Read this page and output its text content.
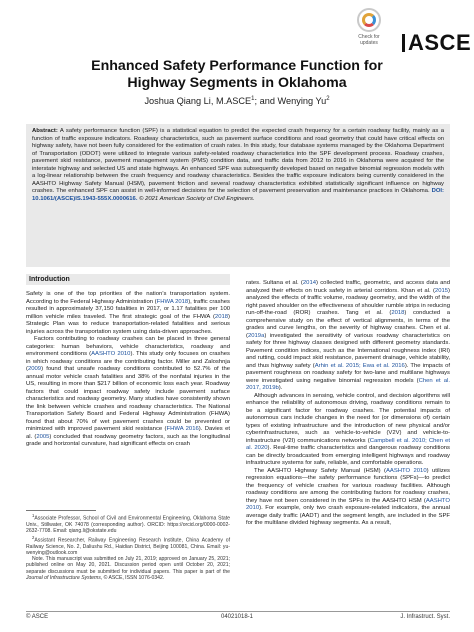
Check for
updates	ASCE
Enhanced Safety Performance Function for
Highway Segments in Oklahoma
Joshua Qiang Li, M.ASCE$^1$; and Wenying Yu$^2$
Abstract: A safety performance function (SPF) is a statistical equation to predict the expected crash frequency for a certain roadway facility, mainly as a function of traffic exposure indicators. Roadway characteristics, such as pavement surface conditions and road geometry that could have critical effects on highway safety, have not been fully considered for the estimation of crash rates. In this study, four database systems managed by the Oklahoma Department of Transportation (ODOT) were utilized to integrate various safety-related roadway characteristics into the SPF development process. Roadway crashes, pavement skid resistance, pavement management system (PMS) condition data, and traffic data from 2012 to 2016 in Oklahoma were acquired for the interstate highway and selected US and state highways. An enhanced SPF was subsequently developed based on negative binomial regression models with a log-linear relationship between the crash frequency and roadway characteristics. Besides the traffic exposure indicators being currently considered in the AASHTO Highway Safety Manual (HSM), pavement friction and several roadway characteristics exhibited statistically significant influence on highway crashes. The enhanced SPF can assist in well-informed decisions for the selection of pavement preservation and maintenance practices in Oklahoma. DOI: 10.1061/(ASCE)IS.1943-555X.0000616. © 2021 American Society of Civil Engineers.
Introduction

Safety is one of the top priorities of the nation’s transportation system. According to the Federal Highway Administration (FHWA 2018), traffic crashes resulted in approximately 37,150 fatalities in 2017, or 1.17 fatalities per 100 million vehicle miles traveled. The first strategic goal of the FHWA (2018) Strategic Plan was to reduce transportation-related fatalities and serious injuries across the transportation system using data-driven approaches.

Factors contributing to roadway crashes can be placed in three general categories: human behaviors, vehicle characteristics, roadway and environment conditions (AASHTO 2010). This study only focuses on crashes in which roadway conditions are the contributing factor. Miller and Zaloshnja (2009) found that unsafe roadway conditions contributed to 52.7% of the annual motor vehicle crash fatalities and 38% of the nonfatal injuries in the US, resulting in more than $217 billion of economic loss each year. Roadway factors that could impact roadway safety include pavement surface characteristics and roadway geometry. Many studies have consistently shown the link between vehicle crashes and roadway characteristics. The National Transportation Safety Board and Federal Highway Administration (FHWA) found that about 70% of wet pavement crashes could be prevented or minimized with improved pavement skid resistance (FHWA 2016). Davies et al. (2005) concluded that roadway geometry factors, such as the longitudinal grade and horizontal curvature, had significant effects on crash

$^1$Associate Professor, School of Civil and Environmental Engineering, Oklahoma State Univ., Stillwater, OK 74078 (corresponding author). ORCID: https://orcid.org/0000-0002-2632-7708. Email: qiang.li@okstate.edu

$^2$Assistant Researcher, Railway Engineering Research Institute, China Academy of Railway Science, No. 2, Daliushu Rd., Haidian District, Beijing 100081, China. Email: yu-wenying@outlook.com

Note. This manuscript was submitted on July 21, 2019; approved on January 25, 2021; published online on May 20, 2021. Discussion period open until October 20, 2021; separate discussions must be submitted for individual papers. This paper is part of the Journal of Infrastructure Systems, © ASCE, ISSN 1076-0342.

rates. Sultana et al. (2014) collected traffic, geometric, and access data and analyzed their effects on truck safety in arterial corridors. Khan et al. (2015) analyzed the effects of traffic volume, roadway geometry, and the width of the right paved shoulder on the effectiveness of shoulder rumble strips in reducing run-off-the-road (ROR) crashes. Tang et al. (2018) conducted a comprehensive study on the effect of vertical alignments, in terms of the grades and curve lengths, on the severity of highway crashes. Chen et al. (2019a) investigated the sensitivity of various roadway characteristics on safety for three highway classes designed with different geometry standards. Pavement condition indices, such as the International roughness index (IRI) and rutting, could impact skid resistance, pavement drainage, vehicle stability, and thus highway safety (Arhin et al. 2015; Ewa et al. 2016). The impacts of pavement roughness on roadway safety for two-lane and multilane highways were investigated using negative binomial regression models (Chen et al. 2017, 2019b).

Although advances in sensing, vehicle control, and decision algorithms will enhance the reliability of autonomous driving, roadway conditions remain to be a significant factor for roadway crashes. The potential impacts of autonomous cars include changes in the need for (or dimensions of) certain types of existing infrastructure and the introduction of new physical and/or cyberinfrastructures, such as vehicle-to-vehicle (V2V) and vehicle-to-infrastructure (V2I) communications networks (Campbell et al. 2010; Chen et al. 2020). Real-time traffic characteristics and dangerous roadway conditions can be directly broadcasted from emerging intelligent highways and roadway infrastructure systems for safe, reliable, and comfortable operations.

The AASHTO Highway Safety Manual (HSM) (AASHTO 2010) utilizes regression equations—the safety performance functions (SPFs)—to predict the frequency of vehicle crashes for various roadway facilities. Although roadway conditions are among the contributing factors for roadway crashes, they have not been considered in the SPFs in the AASHTO HSM (AASHTO 2010). For example, only two crash exposure-related indicators, the annual average daily traffic (AADT) and the segment length, are included in the SPF for the multilane divided highway segments. As a result,

© ASCE	04021018-1	J. Infrastruct. Syst.
